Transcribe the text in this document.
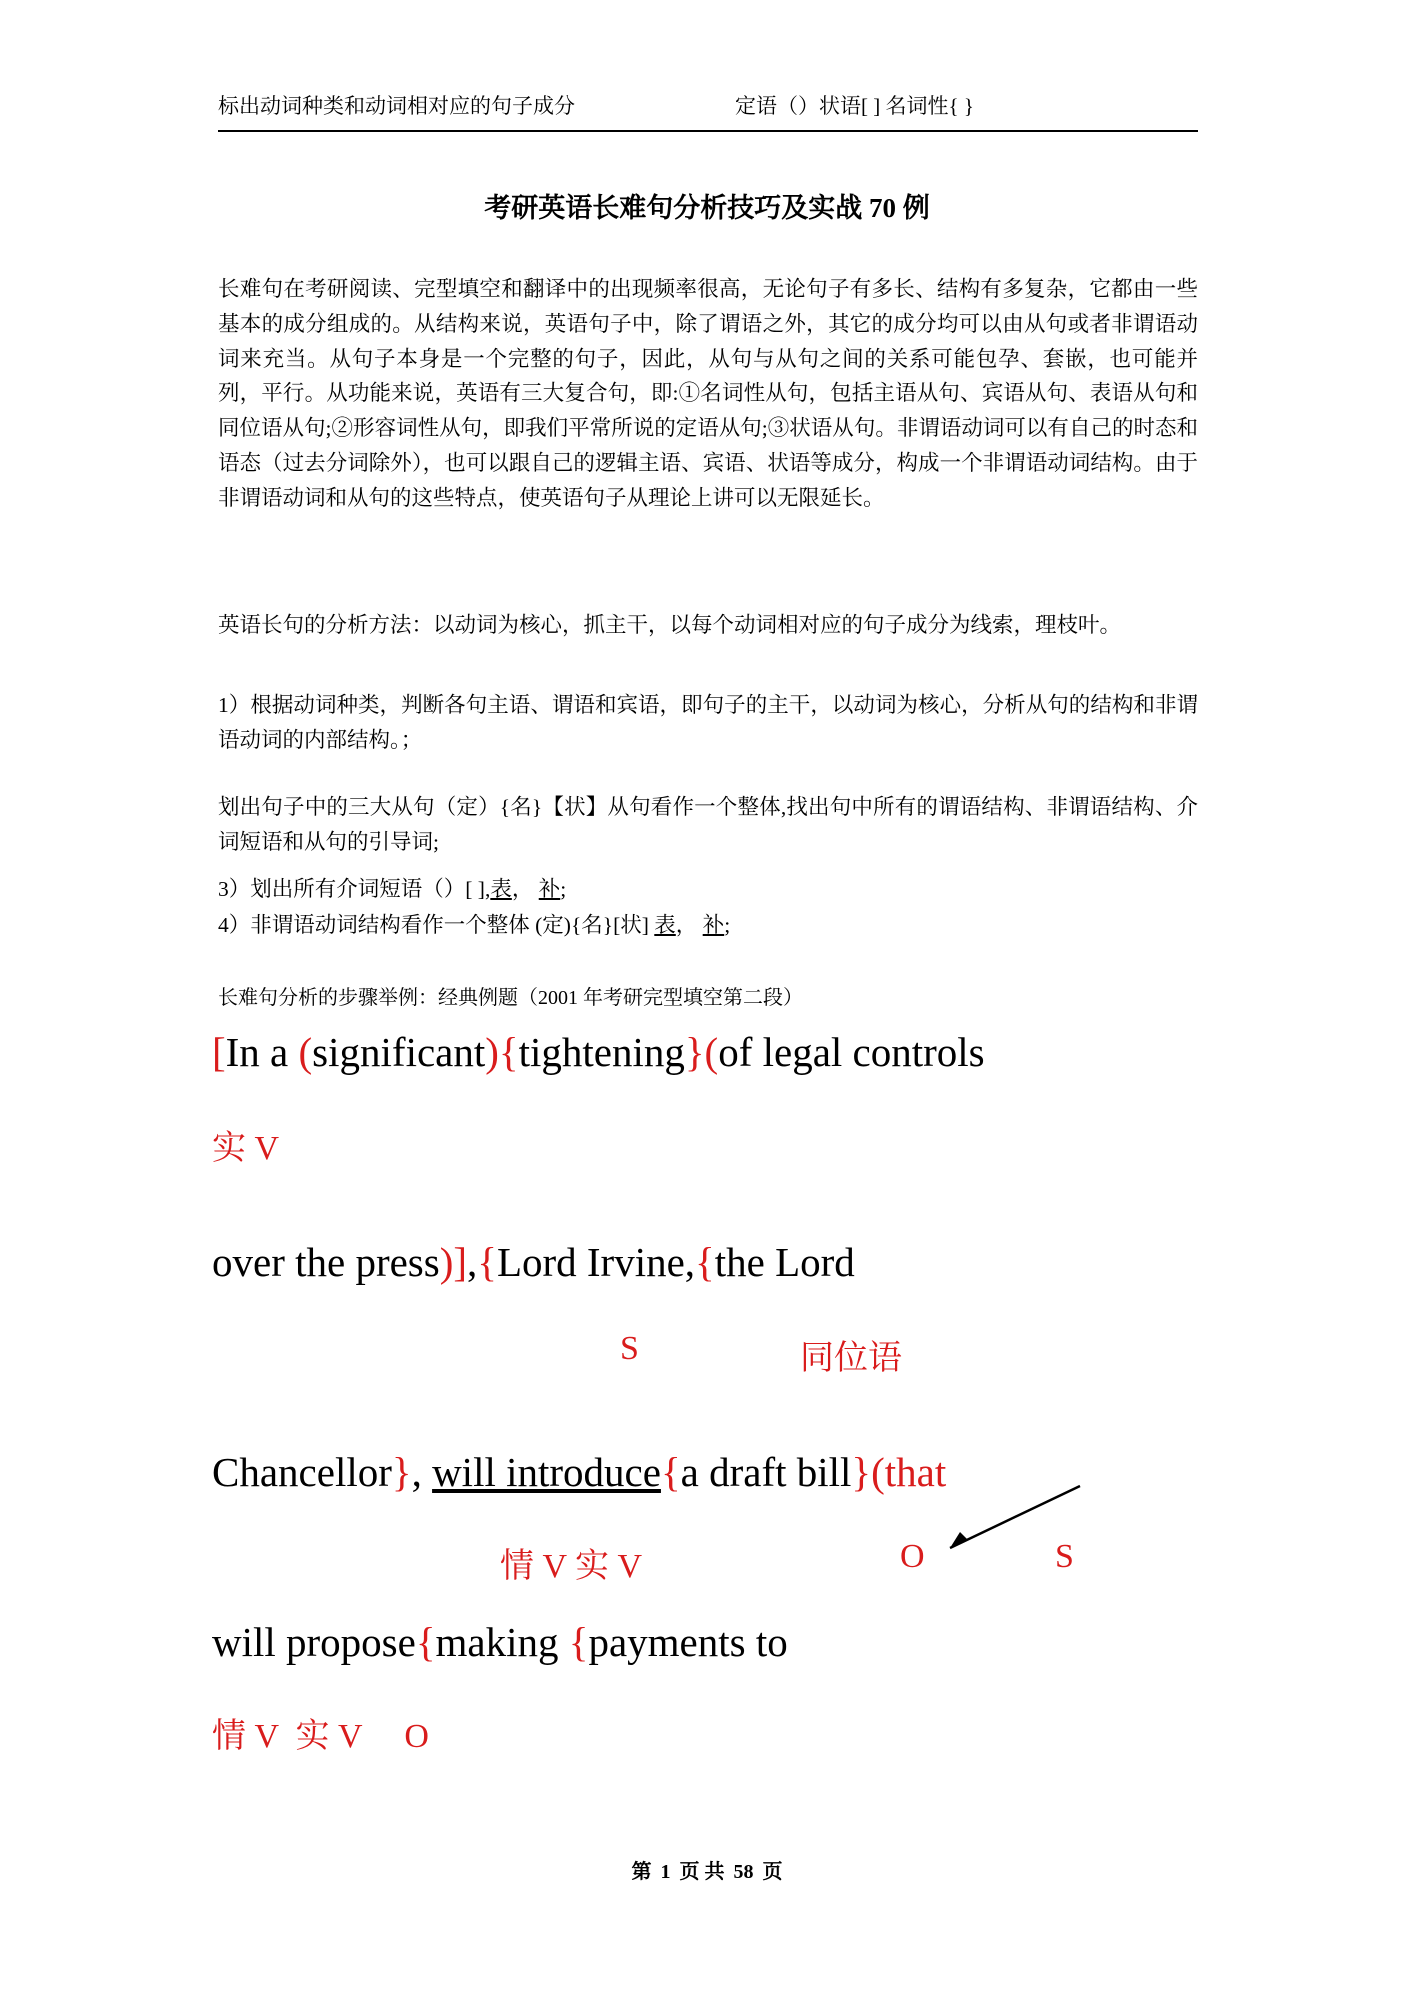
标出动词种类和动词相对应的句子成分	定语（）状语[ ] 名词性{ }
考研英语长难句分析技巧及实战 70 例
长难句在考研阅读、完型填空和翻译中的出现频率很高，无论句子有多长、结构有多复杂，它都由一些基本的成分组成的。从结构来说，英语句子中，除了谓语之外，其它的成分均可以由从句或者非谓语动词来充当。从句子本身是一个完整的句子，因此，从句与从句之间的关系可能包孕、套嵌，也可能并列，平行。从功能来说，英语有三大复合句，即:①名词性从句，包括主语从句、宾语从句、表语从句和同位语从句;②形容词性从句，即我们平常所说的定语从句;③状语从句。非谓语动词可以有自己的时态和语态（过去分词除外），也可以跟自己的逻辑主语、宾语、状语等成分，构成一个非谓语动词结构。由于非谓语动词和从句的这些特点，使英语句子从理论上讲可以无限延长。
英语长句的分析方法：以动词为核心，抓主干，以每个动词相对应的句子成分为线索，理枝叶。
1）根据动词种类，判断各句主语、谓语和宾语，即句子的主干，以动词为核心，分析从句的结构和非谓语动词的内部结构。；
划出句子中的三大从句（定）{名}【状】从句看作一个整体,找出句中所有的谓语结构、非谓语结构、介词短语和从句的引导词;
3）划出所有介词短语（）[ ],表， 补;
4）非谓语动词结构看作一个整体 (定){名}[状] 表， 补;
长难句分析的步骤举例：经典例题（2001 年考研完型填空第二段）
[In a (significant){tightening}(of legal controls
实 V
over the press)],{Lord Irvine,{the Lord
S	同位语
Chancellor}, will introduce{a draft bill}(that
情 V 实 V	O	S
will propose{making {payments to
情 V  实 V     O
第 1 页 共 58 页
